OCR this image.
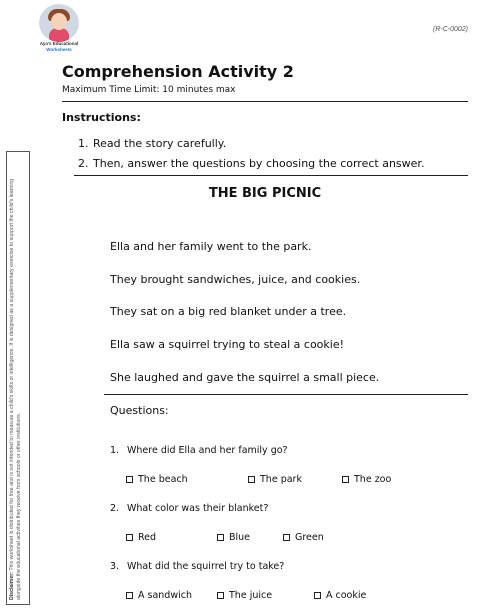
Aya's Educational
Worksheets
(R-C-0002)
Comprehension Activity 2
Maximum Time Limit: 10 minutes max
Instructions:
1. Read the story carefully.
2. Then, answer the questions by choosing the correct answer.
THE BIG PICNIC
Ella and her family went to the park.
They brought sandwiches, juice, and cookies.
They sat on a big red blanket under a tree.
Ella saw a squirrel trying to steal a cookie!
She laughed and gave the squirrel a small piece.
Questions:
1. Where did Ella and her family go?
The beach	The park	The zoo
2. What color was their blanket?
Red	Blue	Green
3. What did the squirrel try to take?
A sandwich	The juice	A cookie
Disclaimer: This worksheet is distributed for free and is not intended to measure a child's skills or intelligence. It is designed as a supplementary exercise to support the child's learning alongside the educational activities they receive from schools or other institutions.
